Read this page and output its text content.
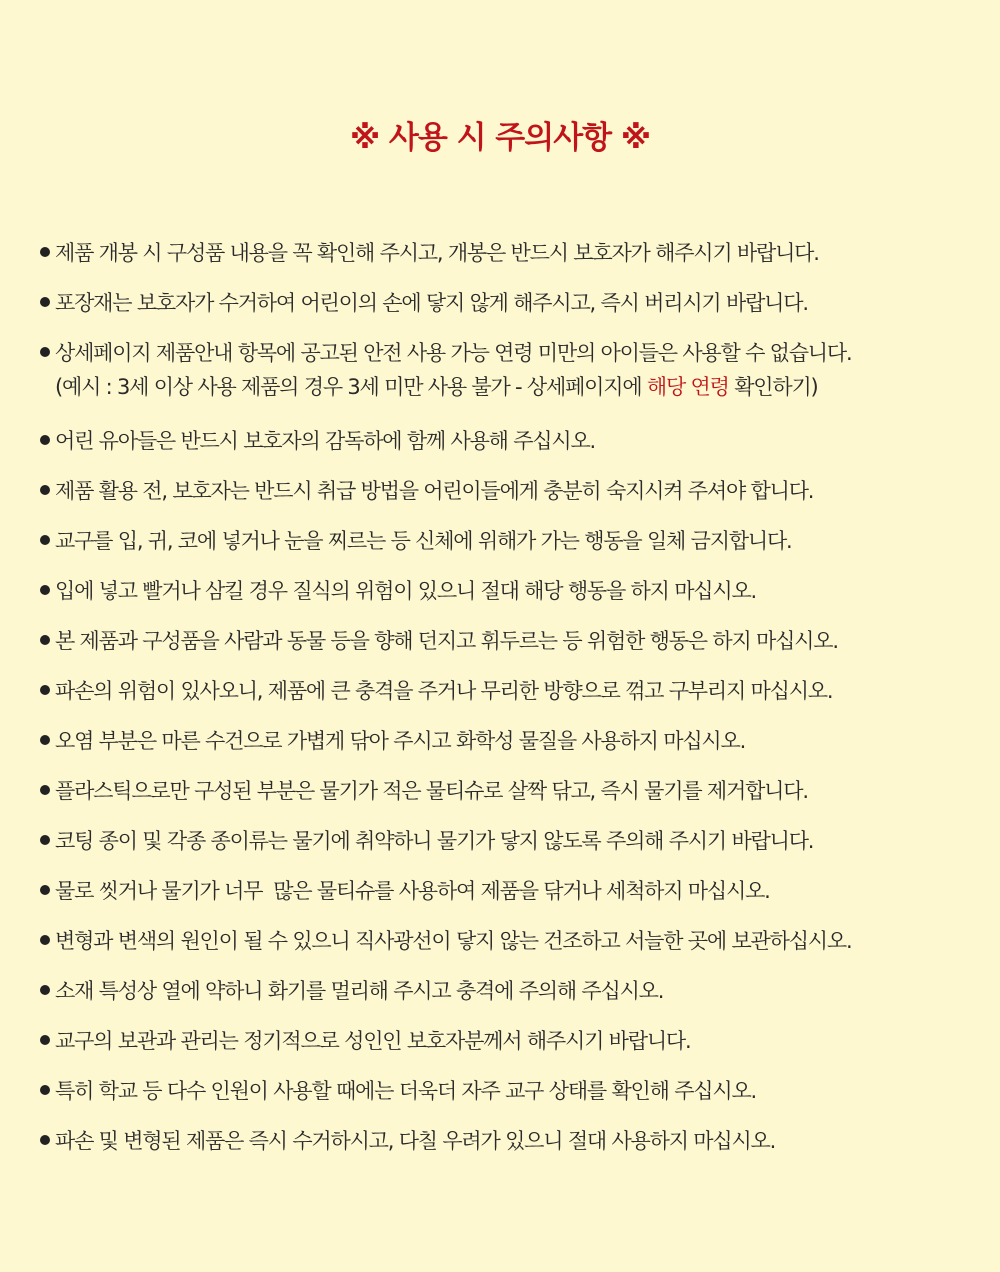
※ 사용 시 주의사항 ※
제품 개봉 시 구성품 내용을 꼭 확인해 주시고, 개봉은 반드시 보호자가 해주시기 바랍니다.
포장재는 보호자가 수거하여 어린이의 손에 닿지 않게 해주시고, 즉시 버리시기 바랍니다.
상세페이지 제품안내 항목에 공고된 안전 사용 가능 연령 미만의 아이들은 사용할 수 없습니다.
(예시 : 3세 이상 사용 제품의 경우 3세 미만 사용 불가 - 상세페이지에 해당 연령 확인하기)
어린 유아들은 반드시 보호자의 감독하에 함께 사용해 주십시오.
제품 활용 전, 보호자는 반드시 취급 방법을 어린이들에게 충분히 숙지시켜 주셔야 합니다.
교구를 입, 귀, 코에 넣거나 눈을 찌르는 등 신체에 위해가 가는 행동을 일체 금지합니다.
입에 넣고 빨거나 삼킬 경우 질식의 위험이 있으니 절대 해당 행동을 하지 마십시오.
본 제품과 구성품을 사람과 동물 등을 향해 던지고 휘두르는 등 위험한 행동은 하지 마십시오.
파손의 위험이 있사오니, 제품에 큰 충격을 주거나 무리한 방향으로 꺾고 구부리지 마십시오.
오염 부분은 마른 수건으로 가볍게 닦아 주시고 화학성 물질을 사용하지 마십시오.
플라스틱으로만 구성된 부분은 물기가 적은 물티슈로 살짝 닦고, 즉시 물기를 제거합니다.
코팅 종이 및 각종 종이류는 물기에 취약하니 물기가 닿지 않도록 주의해 주시기 바랍니다.
물로 씻거나 물기가 너무  많은 물티슈를 사용하여 제품을 닦거나 세척하지 마십시오.
변형과 변색의 원인이 될 수 있으니 직사광선이 닿지 않는 건조하고 서늘한 곳에 보관하십시오.
소재 특성상 열에 약하니 화기를 멀리해 주시고 충격에 주의해 주십시오.
교구의 보관과 관리는 정기적으로 성인인 보호자분께서 해주시기 바랍니다.
특히 학교 등 다수 인원이 사용할 때에는 더욱더 자주 교구 상태를 확인해 주십시오.
파손 및 변형된 제품은 즉시 수거하시고, 다칠 우려가 있으니 절대 사용하지 마십시오.
